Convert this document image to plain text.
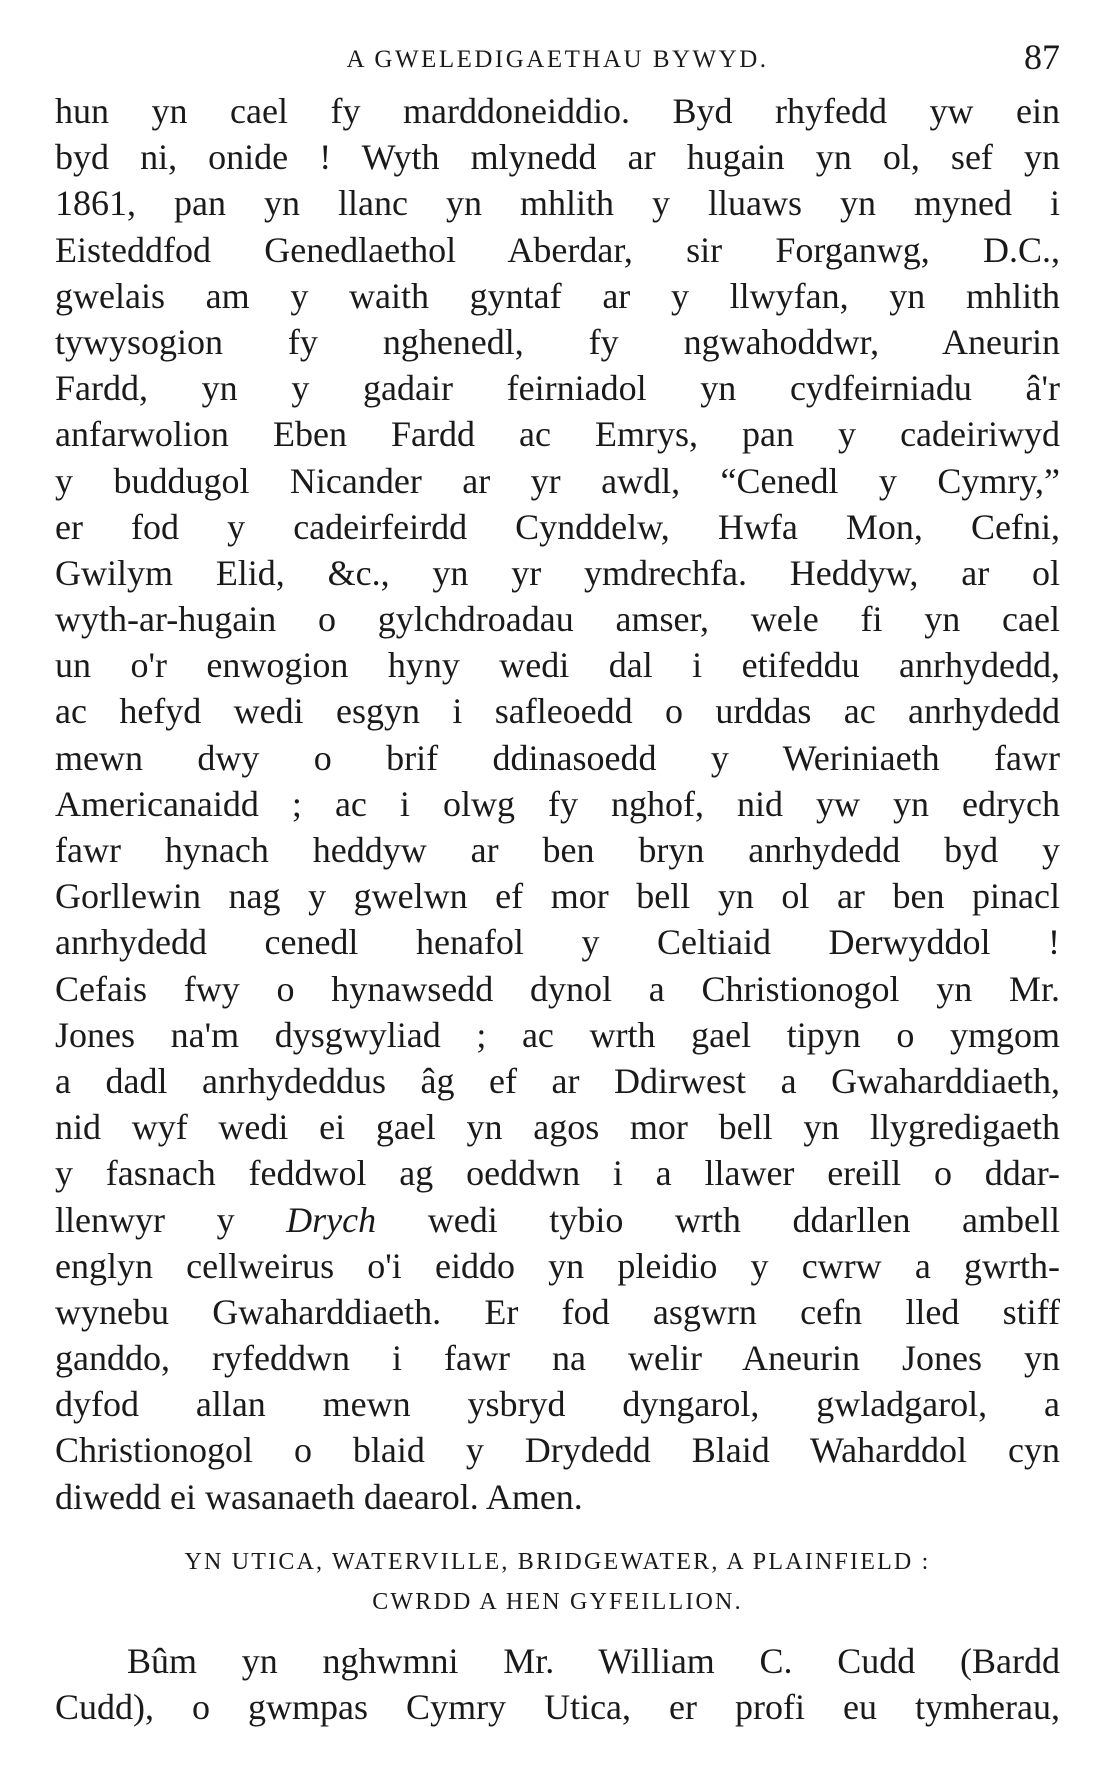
A GWELEDIGAETHAU BYWYD.	87
hun yn cael fy marddoneiddio. Byd rhyfedd yw ein
byd ni, onide ! Wyth mlynedd ar hugain yn ol, sef yn
1861, pan yn llanc yn mhlith y lluaws yn myned i
Eisteddfod Genedlaethol Aberdar, sir Forganwg, D.C.,
gwelais am y waith gyntaf ar y llwyfan, yn mhlith
tywysogion fy nghenedl, fy ngwahoddwr, Aneurin
Fardd, yn y gadair feirniadol yn cydfeirniadu â'r
anfarwolion Eben Fardd ac Emrys, pan y cadeiriwyd
y buddugol Nicander ar yr awdl, “Cenedl y Cymry,”
er fod y cadeirfeirdd Cynddelw, Hwfa Mon, Cefni,
Gwilym Elid, &c., yn yr ymdrechfa. Heddyw, ar ol
wyth-ar-hugain o gylchdroadau amser, wele fi yn cael
un o'r enwogion hyny wedi dal i etifeddu anrhydedd,
ac hefyd wedi esgyn i safleoedd o urddas ac anrhydedd
mewn dwy o brif ddinasoedd y Weriniaeth fawr
Americanaidd ; ac i olwg fy nghof, nid yw yn edrych
fawr hynach heddyw ar ben bryn anrhydedd byd y
Gorllewin nag y gwelwn ef mor bell yn ol ar ben pinacl
anrhydedd cenedl henafol y Celtiaid Derwyddol !
Cefais fwy o hynawsedd dynol a Christionogol yn Mr.
Jones na'm dysgwyliad ; ac wrth gael tipyn o ymgom
a dadl anrhydeddus âg ef ar Ddirwest a Gwaharddiaeth,
nid wyf wedi ei gael yn agos mor bell yn llygredigaeth
y fasnach feddwol ag oeddwn i a llawer ereill o ddar-
llenwyr y Drych wedi tybio wrth ddarllen ambell
englyn cellweirus o'i eiddo yn pleidio y cwrw a gwrth-
wynebu Gwaharddiaeth. Er fod asgwrn cefn lled stiff
ganddo, ryfeddwn i fawr na welir Aneurin Jones yn
dyfod allan mewn ysbryd dyngarol, gwladgarol, a
Christionogol o blaid y Drydedd Blaid Waharddol cyn
diwedd ei wasanaeth daearol. Amen.
YN UTICA, WATERVILLE, BRIDGEWATER, A PLAINFIELD :
CWRDD A HEN GYFEILLION.
Bûm yn nghwmni Mr. William C. Cudd (Bardd
Cudd), o gwmpas Cymry Utica, er profi eu tymherau,
